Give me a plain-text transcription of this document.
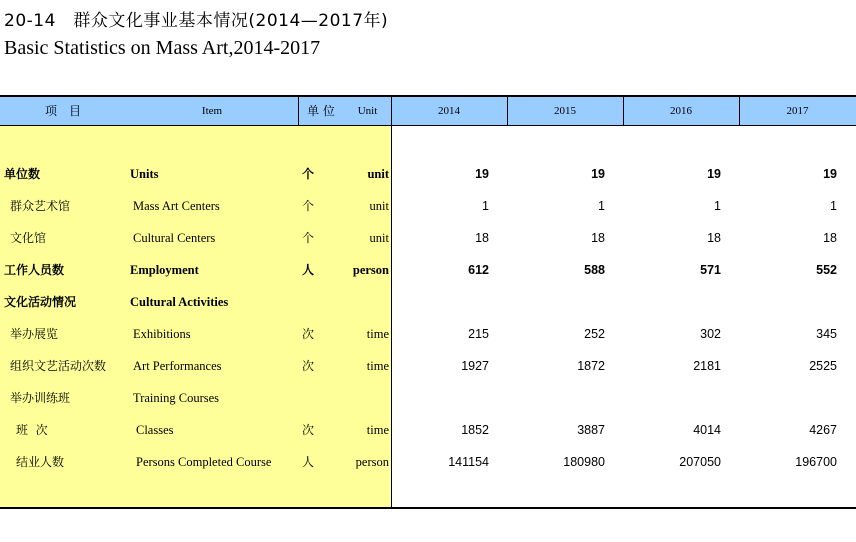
20-14　群众文化事业基本情况(2014—2017年)
Basic Statistics on Mass Art,2014-2017
项　目	Item	单 位	Unit	2014	2015	2016	2017
单位数	Units	个	unit	19	19	19	19
群众艺术馆	Mass Art Centers	个	unit	1	1	1	1
文化馆	Cultural Centers	个	unit	18	18	18	18
工作人员数	Employment	人	person	612	588	571	552
文化活动情况	Cultural Activities
举办展览	Exhibitions	次	time	215	252	302	345
组织文艺活动次数 Art Performances	次	time	1927	1872	2181	2525
举办训练班	Training Courses
班  次	Classes	次	time	1852	3887	4014	4267
结业人数	Persons Completed Course	人	person	141154	180980	207050	196700
